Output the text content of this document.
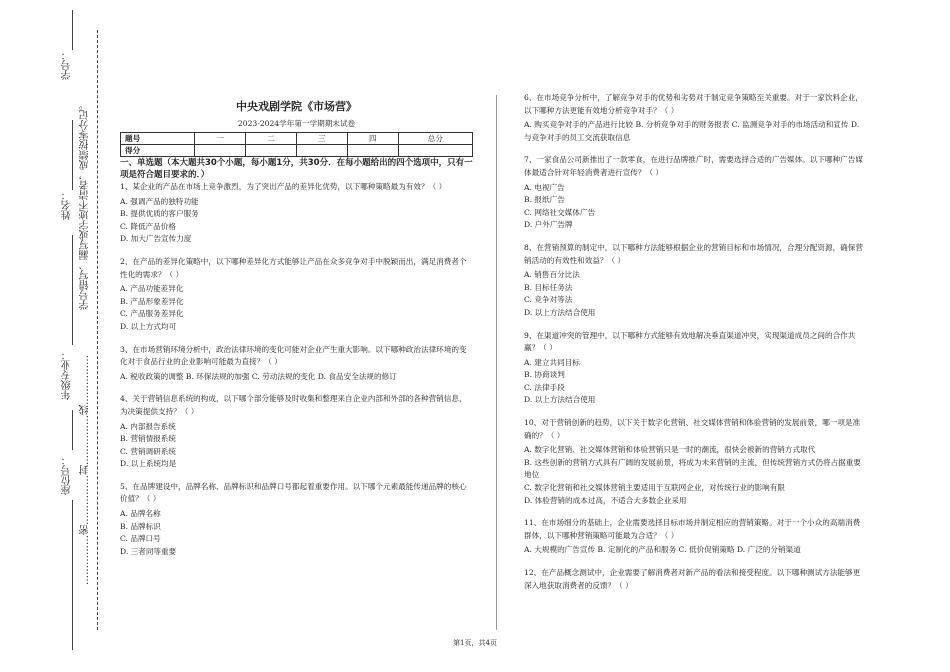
学号：
姓名：
年级专业：
座位号：
学号错写、漏写或字迹不清者，成绩按零分记。
……………密……………封……………线……………
中央戏剧学院《市场营》
2023-2024学年第一学期期末试卷
题号	一	二	三	四	总分
得分					
一、单选题（本大题共30个小题，每小题1分，共30分．在每小题给出的四个选项中，只有一项是符合题目要求的．）
1、某企业的产品在市场上竞争激烈，为了突出产品的差异化优势，以下哪种策略最为有效？（ ）
A. 强调产品的独特功能
B. 提供优质的客户服务
C. 降低产品价格
D. 加大广告宣传力度
2、在产品的差异化策略中，以下哪种差异化方式能够让产品在众多竞争对手中脱颖而出，满足消费者个性化的需求？（ ）
A. 产品功能差异化
B. 产品形象差异化
C. 产品服务差异化
D. 以上方式均可
3、在市场营销环境分析中，政治法律环境的变化可能对企业产生重大影响。以下哪种政治法律环境的变化对于食品行业的企业影响可能最为直接？（ ）
A. 税收政策的调整 B. 环保法规的加强 C. 劳动法规的变化 D. 食品安全法规的修订
4、关于营销信息系统的构成，以下哪个部分能够及时收集和整理来自企业内部和外部的各种营销信息，为决策提供支持？（ ）
A. 内部报告系统
B. 营销情报系统
C. 营销调研系统
D. 以上系统均是
5、在品牌建设中，品牌名称、品牌标识和品牌口号都起着重要作用。以下哪个元素最能传递品牌的核心价值？（ ）
A. 品牌名称
B. 品牌标识
C. 品牌口号
D. 三者同等重要
6、在市场竞争分析中，了解竞争对手的优势和劣势对于制定竞争策略至关重要。对于一家饮料企业，以下哪种方法更能有效地分析竞争对手？（ ）
A. 购买竞争对手的产品进行比较 B. 分析竞争对手的财务报表 C. 监测竞争对手的市场活动和宣传 D. 与竞争对手的员工交流获取信息
7、一家食品公司新推出了一款零食，在进行品牌推广时，需要选择合适的广告媒体。以下哪种广告媒体最适合针对年轻消费者进行宣传？（ ）
A. 电视广告
B. 报纸广告
C. 网络社交媒体广告
D. 户外广告牌
8、在营销预算的制定中，以下哪种方法能够根据企业的营销目标和市场情况，合理分配资源，确保营销活动的有效性和效益？（ ）
A. 销售百分比法
B. 目标任务法
C. 竞争对等法
D. 以上方法结合使用
9、在渠道冲突的管理中，以下哪种方式能够有效地解决垂直渠道冲突，实现渠道成员之间的合作共赢？（ ）
A. 建立共同目标
B. 协商谈判
C. 法律手段
D. 以上方法结合使用
10、对于营销创新的趋势，以下关于数字化营销、社交媒体营销和体验营销的发展前景，哪一项是准确的？（ ）
A. 数字化营销、社交媒体营销和体验营销只是一时的潮流，很快会被新的营销方式取代
B. 这些创新的营销方式具有广阔的发展前景，将成为未来营销的主流，但传统营销方式仍将占据重要地位
C. 数字化营销和社交媒体营销主要适用于互联网企业，对传统行业的影响有限
D. 体验营销的成本过高，不适合大多数企业采用
11、在市场细分的基础上，企业需要选择目标市场并制定相应的营销策略。对于一个小众的高端消费群体，以下哪种营销策略可能最为合适？（ ）
A. 大规模的广告宣传 B. 定制化的产品和服务 C. 低价促销策略 D. 广泛的分销渠道
12、在产品概念测试中，企业需要了解消费者对新产品的看法和接受程度。以下哪种测试方法能够更深入地获取消费者的反馈？（ ）
第1页，共4页
